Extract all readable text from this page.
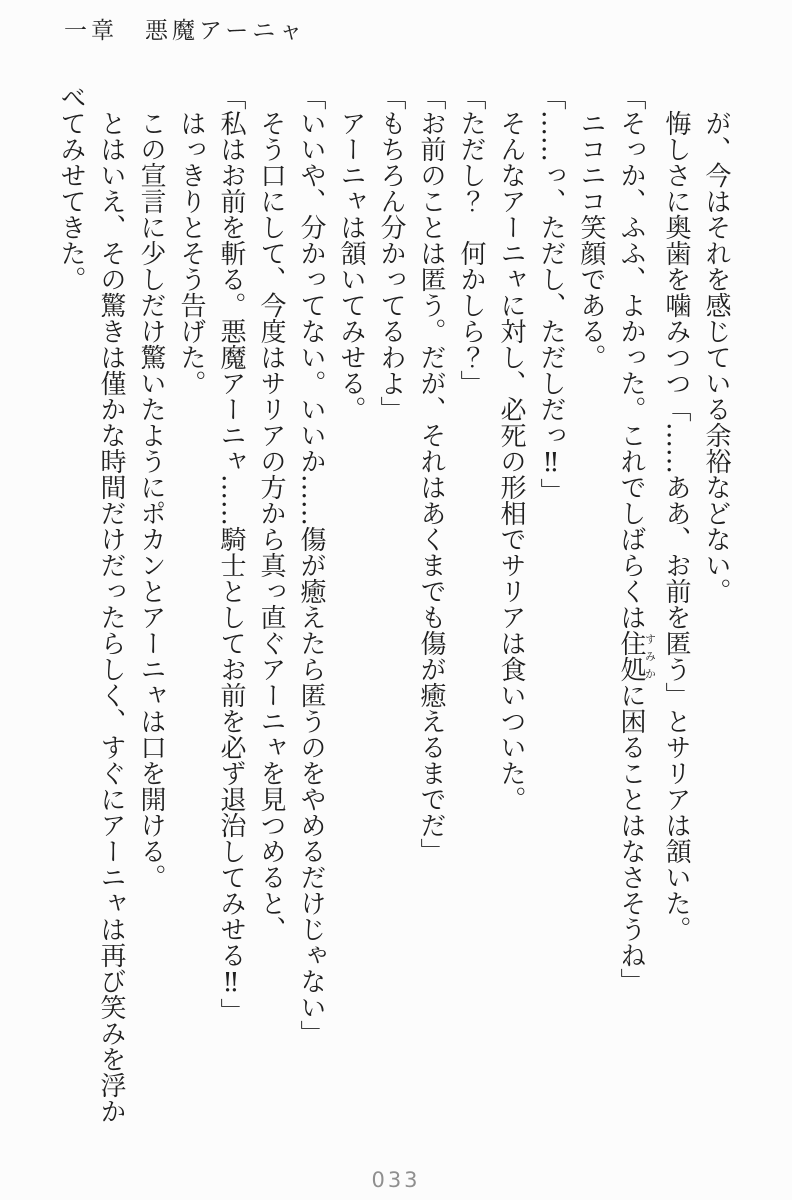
一章　悪魔アーニャ

が、今はそれを感じている余裕などない。

悔しさに奥歯を噛みつつ「……ああ、お前を匿う」とサリアは頷いた。

「そっか、ふふ、よかった。これでしばらくは住処すみかに困ることはなさそうね」

ニコニコ笑顔である。

「……っ、ただし、ただしだっ‼」

そんなアーニャに対し、必死の形相でサリアは食いついた。

「ただし？　何かしら？」

「お前のことは匿う。だが、それはあくまでも傷が癒えるまでだ」

「もちろん分かってるわよ」

アーニャは頷いてみせる。

「いいや、分かってない。いいか……傷が癒えたら匿うのをやめるだけじゃない」

そう口にして、今度はサリアの方から真っ直ぐアーニャを見つめると、

「私はお前を斬る。悪魔アーニャ……騎士としてお前を必ず退治してみせる‼」

はっきりとそう告げた。

この宣言に少しだけ驚いたようにポカンとアーニャは口を開ける。

とはいえ、その驚きは僅かな時間だけだったらしく、すぐにアーニャは再び笑みを浮か

べてみせてきた。

033
